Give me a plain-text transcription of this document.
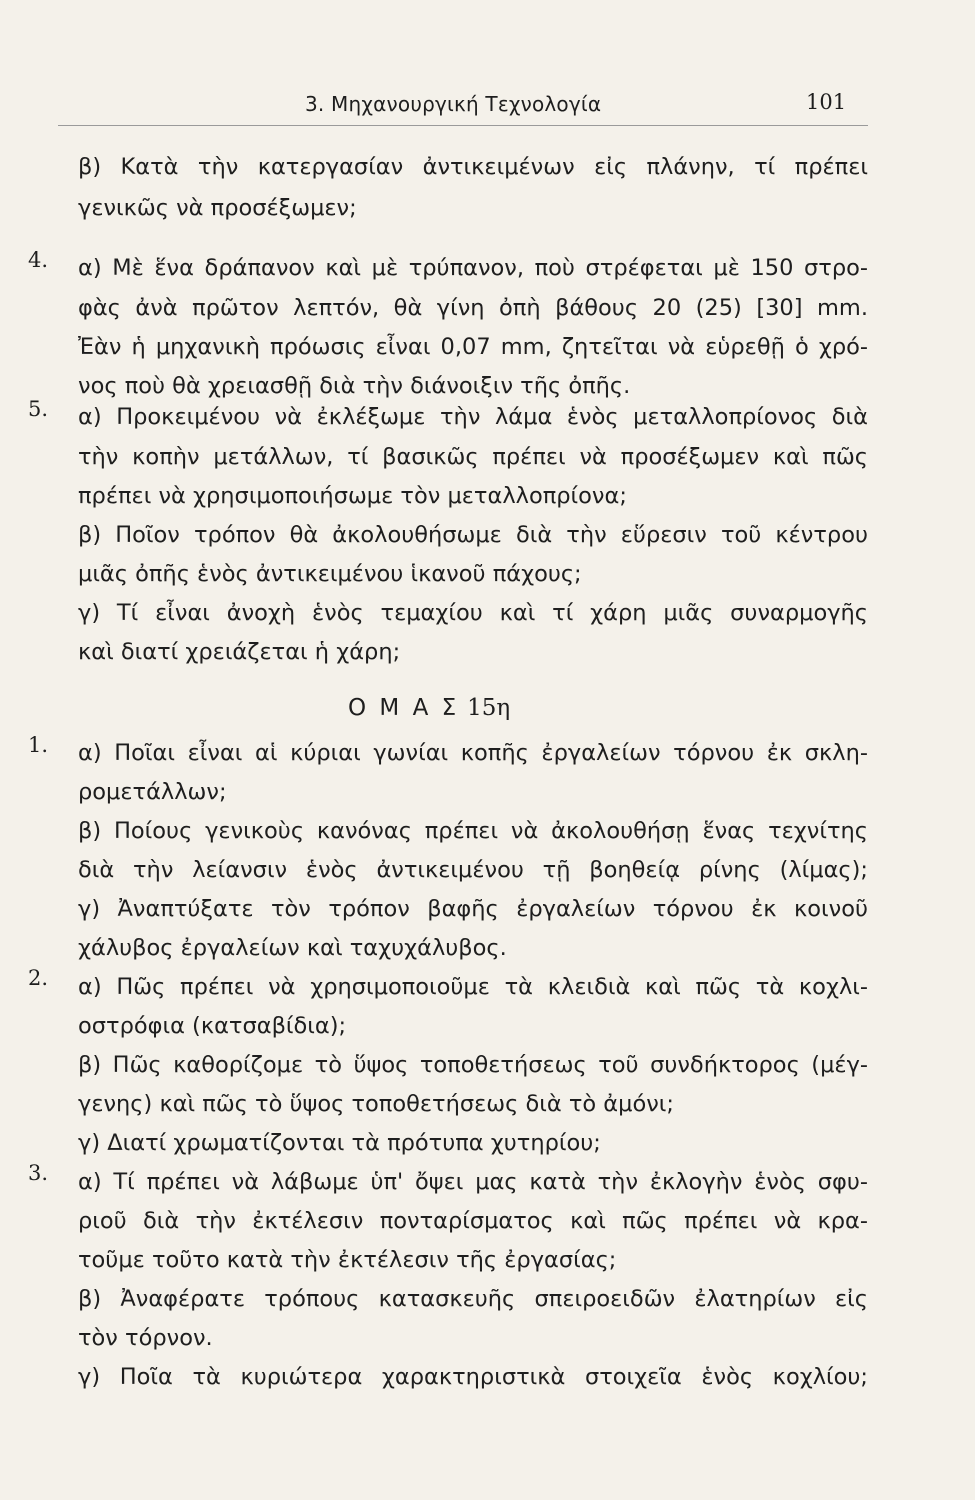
3. Μηχανουργική Τεχνολογία	101
β) Κατὰ τὴν κατεργασίαν ἀντικειμένων εἰς πλάνην, τί πρέπει
γενικῶς νὰ προσέξωμεν;
4.	α) Μὲ ἕνα δράπανον καὶ μὲ τρύπανον, ποὺ στρέφεται μὲ 150 στρο-
φὰς ἀνὰ πρῶτον λεπτόν, θὰ γίνη ὀπὴ βάθους 20 (25) [30] mm.
Ἐὰν ἡ μηχανικὴ πρόωσις εἶναι 0,07 mm, ζητεῖται νὰ εὑρεθῇ ὁ χρό-
νος ποὺ θὰ χρειασθῇ διὰ τὴν διάνοιξιν τῆς ὀπῆς.
5.	α) Προκειμένου νὰ ἐκλέξωμε τὴν λάμα ἑνὸς μεταλλοπρίονος διὰ
τὴν κοπὴν μετάλλων, τί βασικῶς πρέπει νὰ προσέξωμεν καὶ πῶς
πρέπει νὰ χρησιμοποιήσωμε τὸν μεταλλοπρίονα;
β) Ποῖον τρόπον θὰ ἀκολουθήσωμε διὰ τὴν εὕρεσιν τοῦ κέντρου
μιᾶς ὀπῆς ἑνὸς ἀντικειμένου ἱκανοῦ πάχους;
γ) Τί εἶναι ἀνοχὴ ἑνὸς τεμαχίου καὶ τί χάρη μιᾶς συναρμογῆς
καὶ διατί χρειάζεται ἡ χάρη;
Ο Μ Α Σ 15η
1.	α) Ποῖαι εἶναι αἱ κύριαι γωνίαι κοπῆς ἐργαλείων τόρνου ἐκ σκλη-
ρομετάλλων;
β) Ποίους γενικοὺς κανόνας πρέπει νὰ ἀκολουθήσῃ ἕνας τεχνίτης
διὰ τὴν λείανσιν ἑνὸς ἀντικειμένου τῇ βοηθείᾳ ρίνης (λίμας);
γ) Ἀναπτύξατε τὸν τρόπον βαφῆς ἐργαλείων τόρνου ἐκ κοινοῦ
χάλυβος ἐργαλείων καὶ ταχυχάλυβος.
2.	α) Πῶς πρέπει νὰ χρησιμοποιοῦμε τὰ κλειδιὰ καὶ πῶς τὰ κοχλι-
οστρόφια (κατσαβίδια);
β) Πῶς καθορίζομε τὸ ὕψος τοποθετήσεως τοῦ συνδήκτορος (μέγ-
γενης) καὶ πῶς τὸ ὕψος τοποθετήσεως διὰ τὸ ἀμόνι;
γ) Διατί χρωματίζονται τὰ πρότυπα χυτηρίου;
3.	α) Τί πρέπει νὰ λάβωμε ὑπ' ὄψει μας κατὰ τὴν ἐκλογὴν ἑνὸς σφυ-
ριοῦ διὰ τὴν ἐκτέλεσιν πονταρίσματος καὶ πῶς πρέπει νὰ κρα-
τοῦμε τοῦτο κατὰ τὴν ἐκτέλεσιν τῆς ἐργασίας;
β) Ἀναφέρατε τρόπους κατασκευῆς σπειροειδῶν ἐλατηρίων εἰς
τὸν τόρνον.
γ) Ποῖα τὰ κυριώτερα χαρακτηριστικὰ στοιχεῖα ἑνὸς κοχλίου;
